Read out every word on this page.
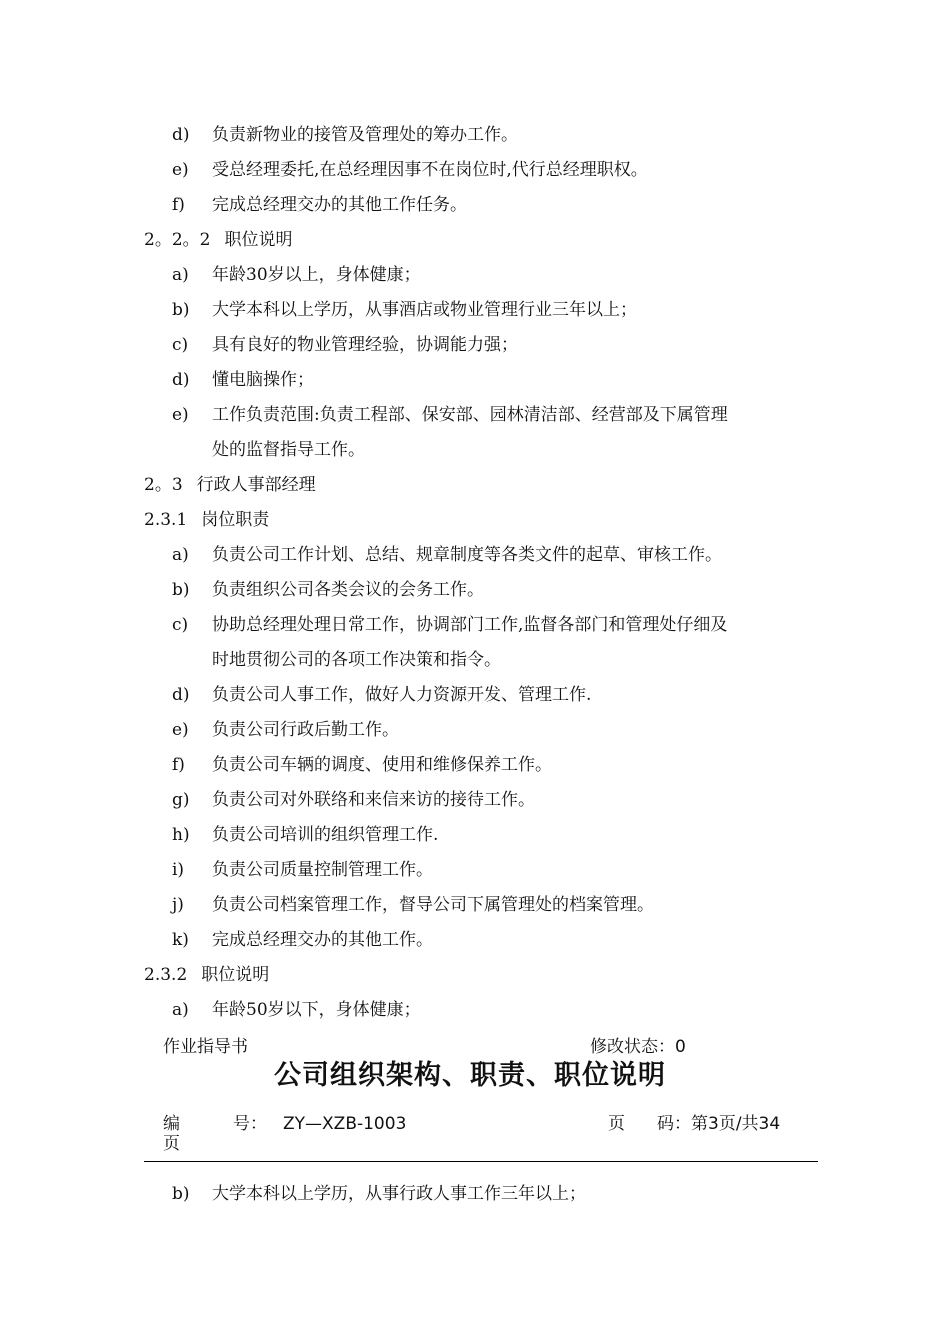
d)	负责新物业的接管及管理处的筹办工作。
e)	受总经理委托,在总经理因事不在岗位时,代行总经理职权。
f)	完成总经理交办的其他工作任务。
2。2。2 职位说明
a)	年龄30岁以上，身体健康；
b)	大学本科以上学历，从事酒店或物业管理行业三年以上；
c)	具有良好的物业管理经验，协调能力强；
d)	懂电脑操作；
e)	工作负责范围:负责工程部、保安部、园林清洁部、经营部及下属管理
处的监督指导工作。
2。3 行政人事部经理
2.3.1 岗位职责
a)	负责公司工作计划、总结、规章制度等各类文件的起草、审核工作。
b)	负责组织公司各类会议的会务工作。
c)	协助总经理处理日常工作，协调部门工作,监督各部门和管理处仔细及
时地贯彻公司的各项工作决策和指令。
d)	负责公司人事工作，做好人力资源开发、管理工作.
e)	负责公司行政后勤工作。
f)	负责公司车辆的调度、使用和维修保养工作。
g)	负责公司对外联络和来信来访的接待工作。
h)	负责公司培训的组织管理工作.
i)	负责公司质量控制管理工作。
j)	负责公司档案管理工作，督导公司下属管理处的档案管理。
k)	完成总经理交办的其他工作。
2.3.2 职位说明
a)	年龄50岁以下，身体健康；
作业指导书	修改状态：0
公司组织架构、职责、职位说明
编	号： ZY—XZB-1003
页
页 码：第3页/共34
b)	大学本科以上学历，从事行政人事工作三年以上；
